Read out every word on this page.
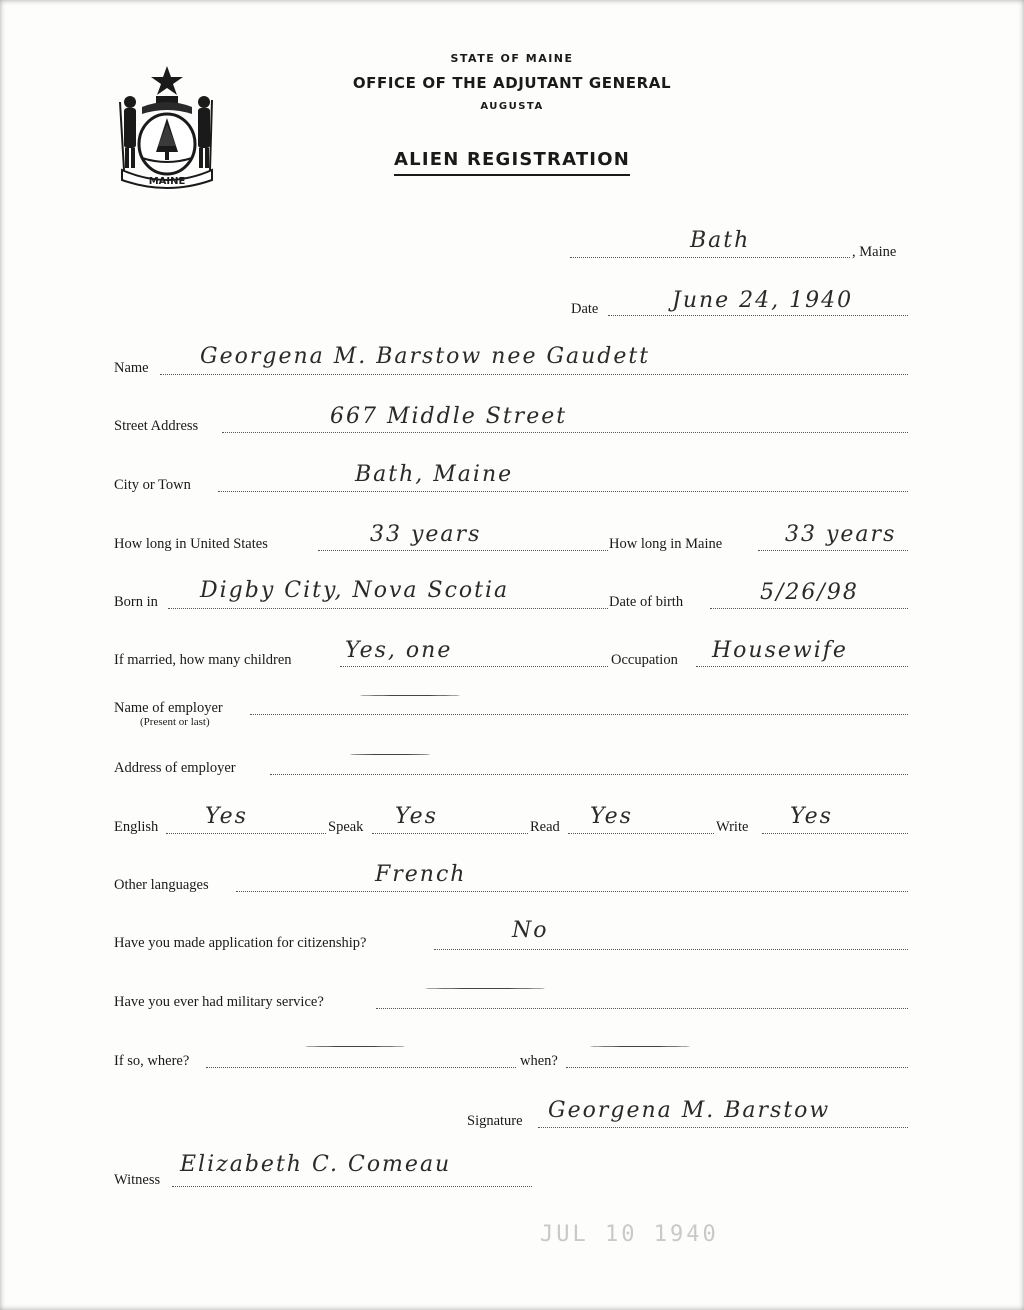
MAINE
STATE OF MAINE
OFFICE OF THE ADJUTANT GENERAL
AUGUSTA
ALIEN REGISTRATION
Bath	, Maine
Date	June 24, 1940
Name Georgena M. Barstow nee Gaudett
Street Address	667 Middle Street
City or Town	Bath, Maine
How long in United States	33 years	How long in Maine	33 years
Born in Digby City, Nova Scotia	Date of birth	5/26/98
If married, how many children Yes, one	Occupation Housewife
Name of employer
(Present or last)
Address of employer
English Yes	Speak Yes	Read Yes	Write Yes
Other languages	French
Have you made application for citizenship?	No
Have you ever had military service?
If so, where?	when?
Signature Georgena M. Barstow
Witness
Elizabeth C. Comeau
JUL 10 1940
